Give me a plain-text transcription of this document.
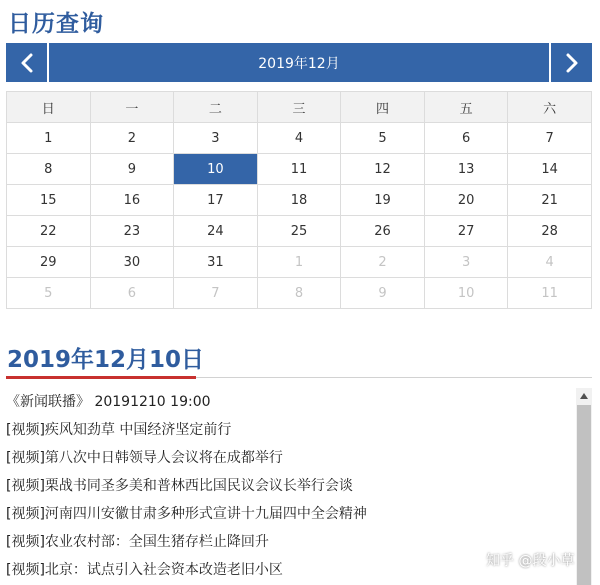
日历查询
2019年12月
日	一	二	三	四	五	六
1	2	3	4	5	6	7
8	9	10	11	12	13	14
15	16	17	18	19	20	21
22	23	24	25	26	27	28
29	30	31	1	2	3	4
5	6	7	8	9	10	11
2019年12月10日
《新闻联播》 20191210 19:00
[视频]疾风知劲草 中国经济坚定前行
[视频]第八次中日韩领导人会议将在成都举行
[视频]栗战书同圣多美和普林西比国民议会议长举行会谈
[视频]河南四川安徽甘肃多种形式宣讲十九届四中全会精神
[视频]农业农村部：全国生猪存栏止降回升
[视频]北京：试点引入社会资本改造老旧小区
知乎 @段小草
